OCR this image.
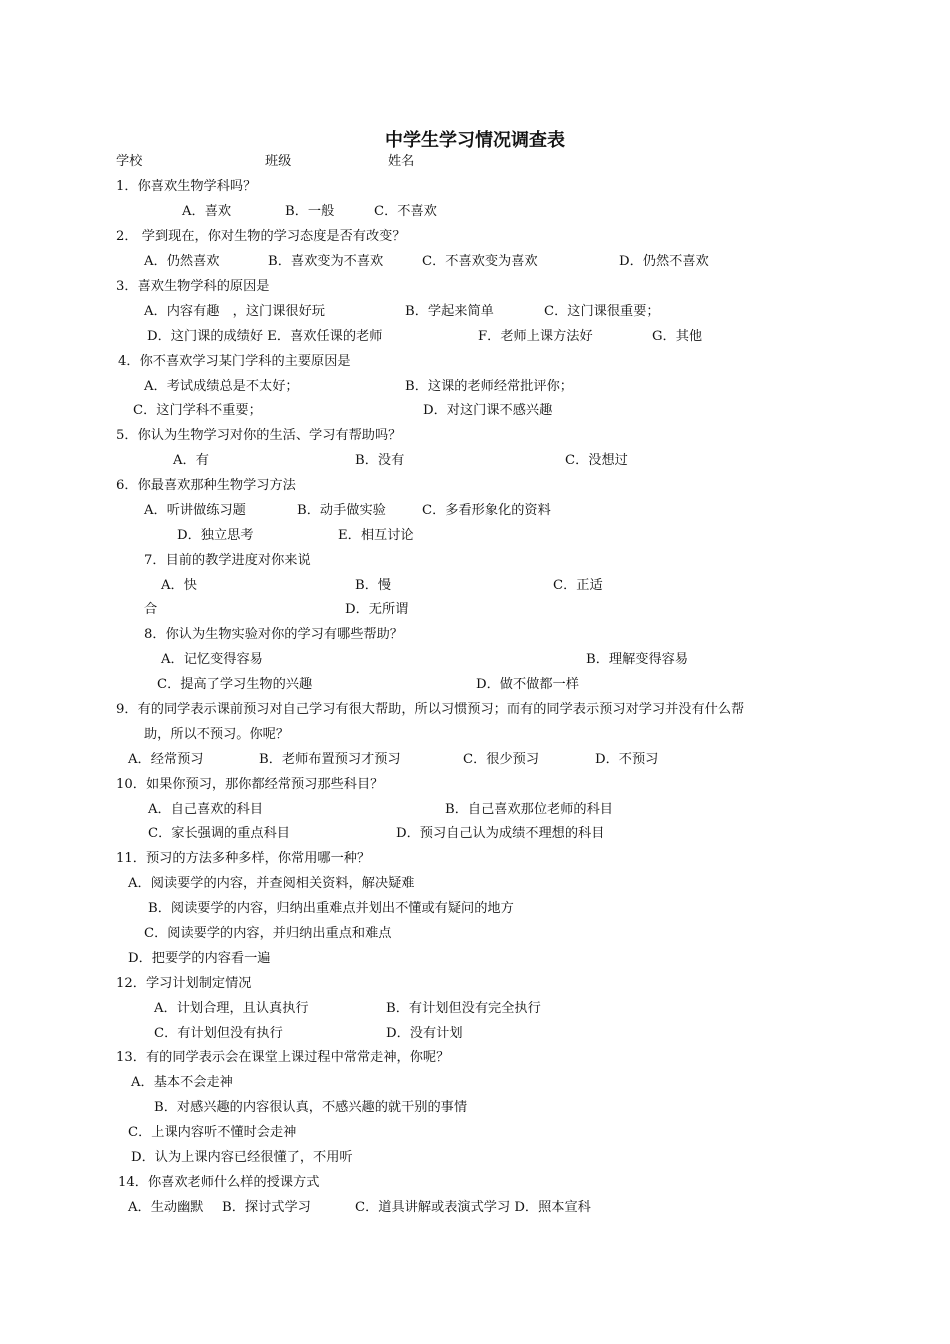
中学生学习情况调查表
学校	班级	姓名
1．你喜欢生物学科吗？
A．喜欢	B．一般	C．不喜欢
2． 学到现在，你对生物的学习态度是否有改变？
A．仍然喜欢	B．喜欢变为不喜欢	C．不喜欢变为喜欢	D．仍然不喜欢
3．喜欢生物学科的原因是
A．内容有趣　，这门课很好玩	B．学起来简单	C．这门课很重要；
D．这门课的成绩好 E．喜欢任课的老师	F．老师上课方法好	G．其他
4．你不喜欢学习某门学科的主要原因是
A．考试成绩总是不太好；	B．这课的老师经常批评你；
C．这门学科不重要；	D．对这门课不感兴趣
5．你认为生物学习对你的生活、学习有帮助吗？
A．有	B．没有	C．没想过
6．你最喜欢那种生物学习方法
A．听讲做练习题	B．动手做实验	C．多看形象化的资料
D．独立思考	E．相互讨论
7．目前的教学进度对你来说
A．快	B．慢	C．正适
合	D．无所谓
8．你认为生物实验对你的学习有哪些帮助？
A．记忆变得容易	B．理解变得容易
C．提高了学习生物的兴趣	D．做不做都一样
9．有的同学表示课前预习对自己学习有很大帮助，所以习惯预习；而有的同学表示预习对学习并没有什么帮
助，所以不预习。你呢？
A．经常预习	B．老师布置预习才预习	C．很少预习	D．不预习
10．如果你预习，那你都经常预习那些科目？
A．自己喜欢的科目	B．自己喜欢那位老师的科目
C．家长强调的重点科目	D．预习自己认为成绩不理想的科目
11．预习的方法多种多样，你常用哪一种？
A．阅读要学的内容，并查阅相关资料，解决疑难
B．阅读要学的内容，归纳出重难点并划出不懂或有疑问的地方
C．阅读要学的内容，并归纳出重点和难点
D．把要学的内容看一遍
12．学习计划制定情况
A．计划合理，且认真执行	B．有计划但没有完全执行
C．有计划但没有执行	D．没有计划
13．有的同学表示会在课堂上课过程中常常走神，你呢？
A．基本不会走神
B．对感兴趣的内容很认真，不感兴趣的就干别的事情
C．上课内容听不懂时会走神
D．认为上课内容已经很懂了，不用听
14．你喜欢老师什么样的授课方式
A．生动幽默 B．探讨式学习	C．道具讲解或表演式学习 D．照本宣科
